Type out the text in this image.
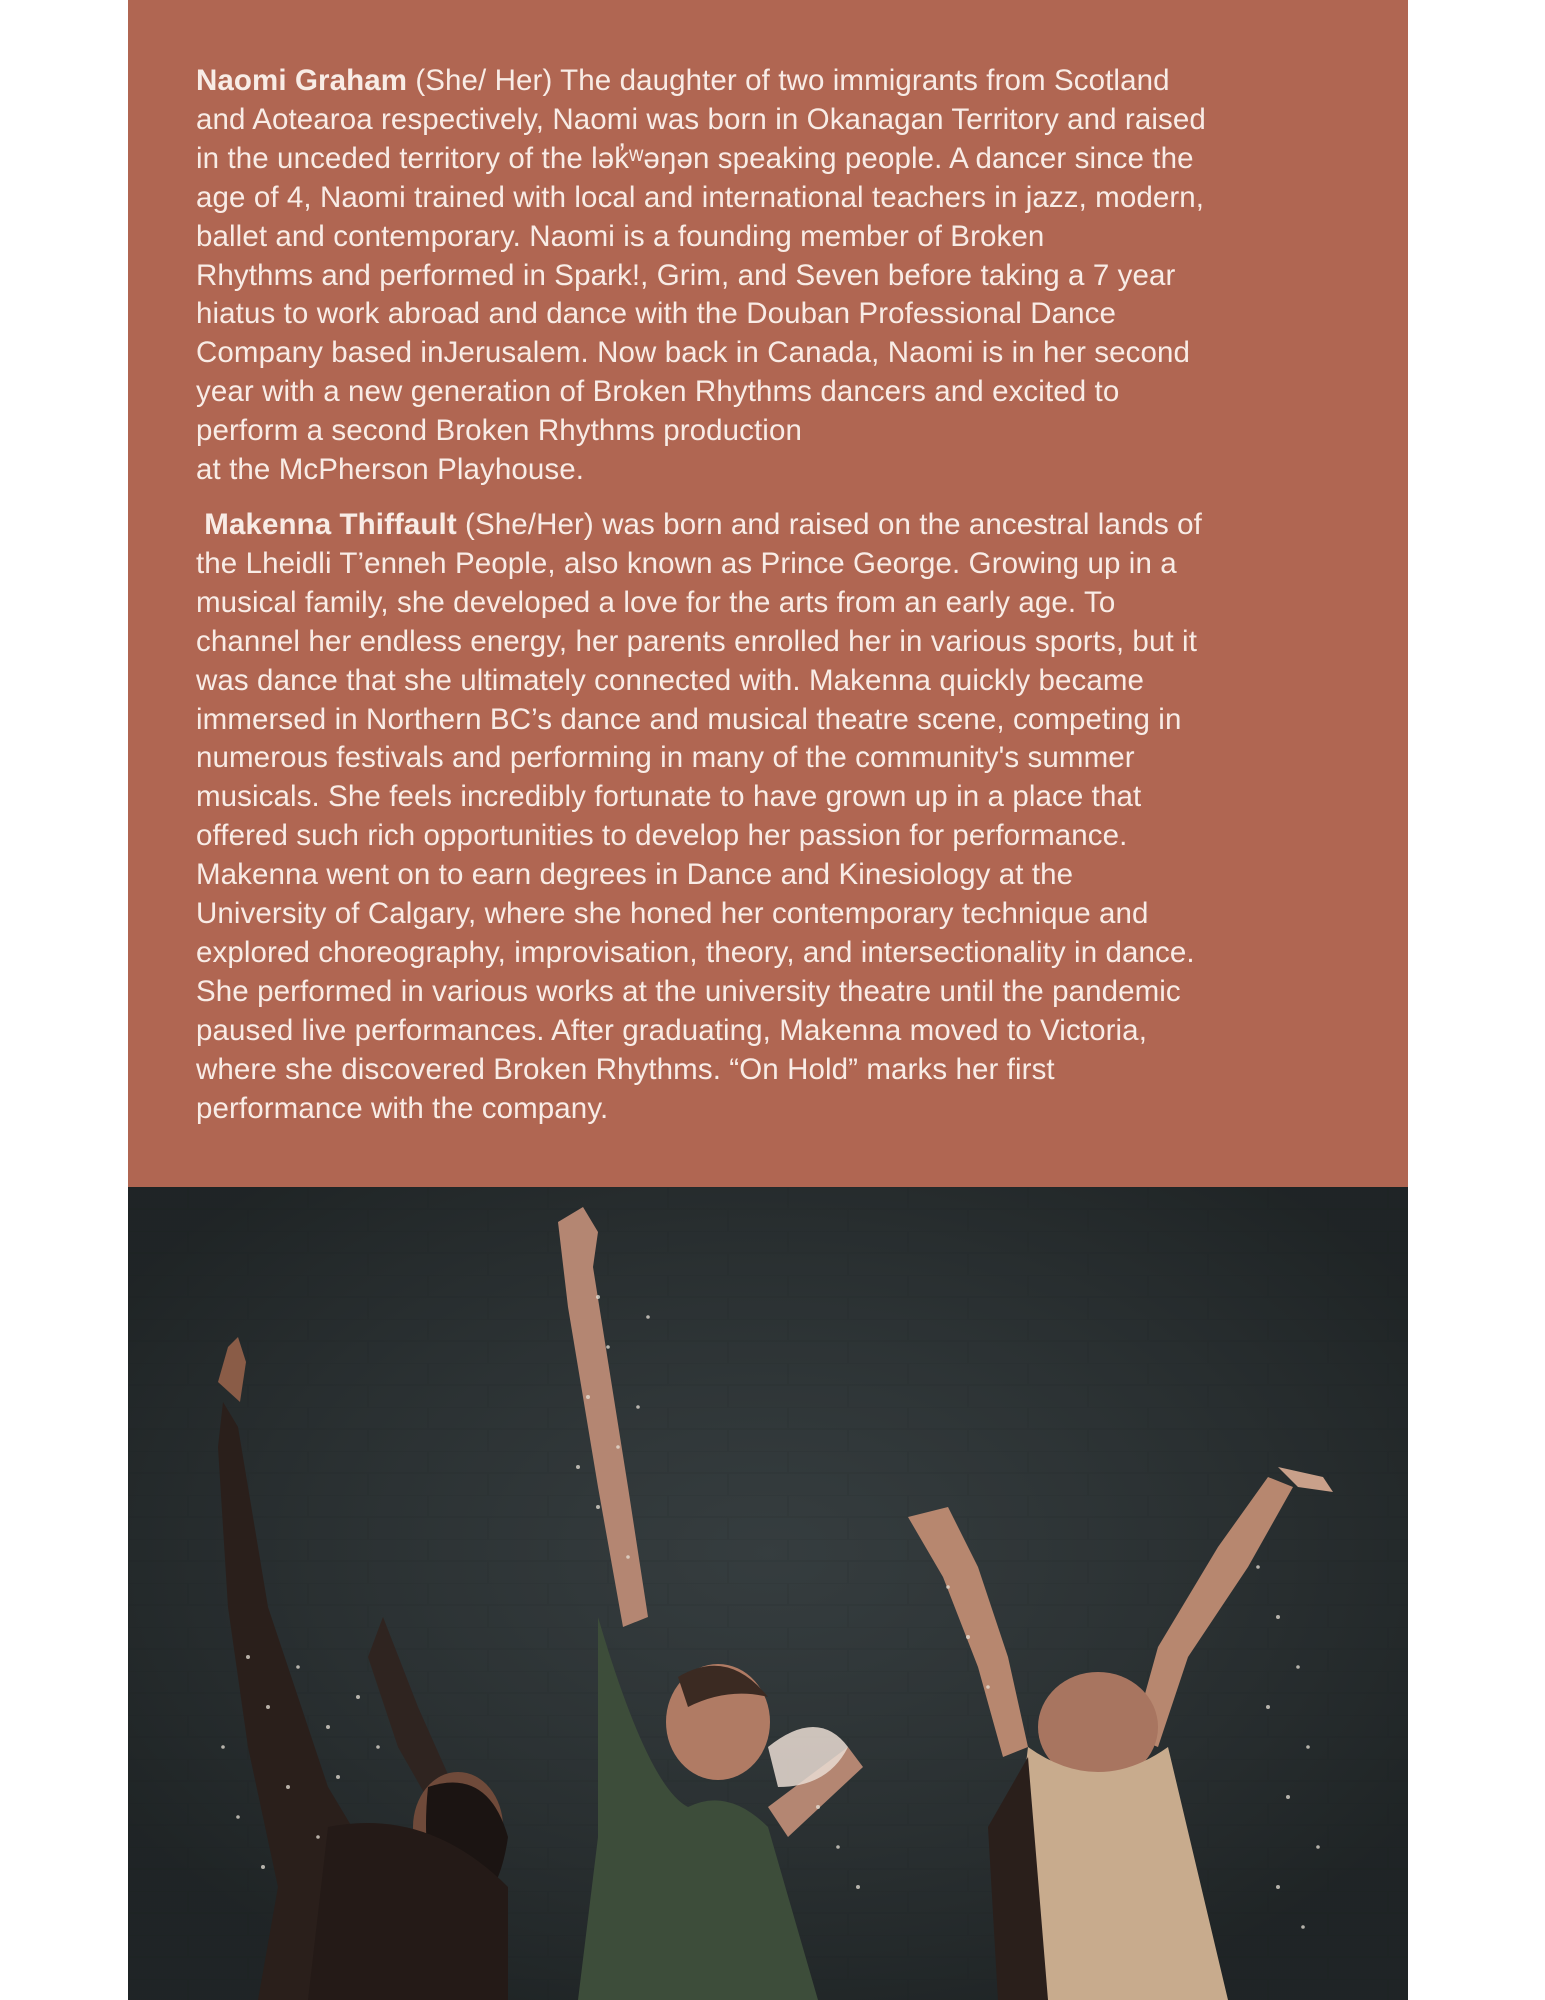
Naomi Graham (She/ Her) The daughter of two immigrants from Scotland
and Aotearoa respectively, Naomi was born in Okanagan Territory and raised
in the unceded territory of the lək̓ʷəŋən speaking people. A dancer since the
age of 4, Naomi trained with local and international teachers in jazz, modern,
ballet and contemporary. Naomi is a founding member of Broken
Rhythms and performed in Spark!, Grim, and Seven before taking a 7 year
hiatus to work abroad and dance with the Douban Professional Dance
Company based inJerusalem. Now back in Canada, Naomi is in her second
year with a new generation of Broken Rhythms dancers and excited to
perform a second Broken Rhythms production
at the McPherson Playhouse.
Makenna Thiffault (She/Her) was born and raised on the ancestral lands of
the Lheidli T’enneh People, also known as Prince George. Growing up in a
musical family, she developed a love for the arts from an early age. To
channel her endless energy, her parents enrolled her in various sports, but it
was dance that she ultimately connected with. Makenna quickly became
immersed in Northern BC’s dance and musical theatre scene, competing in
numerous festivals and performing in many of the community's summer
musicals. She feels incredibly fortunate to have grown up in a place that
offered such rich opportunities to develop her passion for performance.
Makenna went on to earn degrees in Dance and Kinesiology at the
University of Calgary, where she honed her contemporary technique and
explored choreography, improvisation, theory, and intersectionality in dance.
She performed in various works at the university theatre until the pandemic
paused live performances. After graduating, Makenna moved to Victoria,
where she discovered Broken Rhythms. “On Hold” marks her first
performance with the company.
